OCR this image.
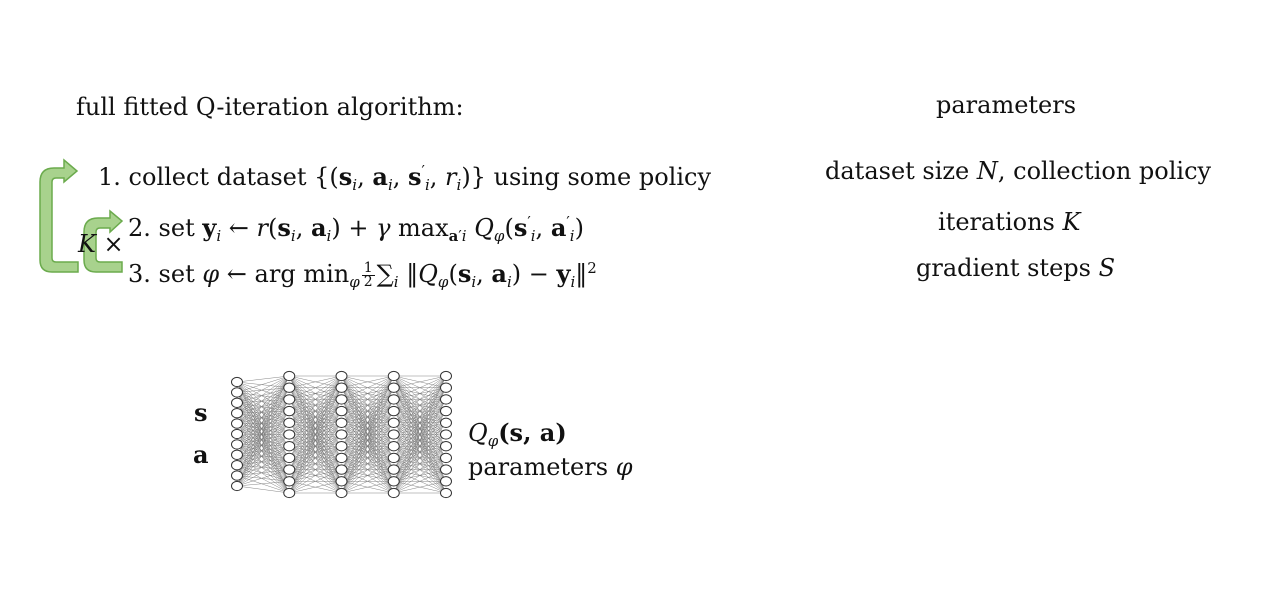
full fitted Q-iteration algorithm:	parameters
K ×
1. collect dataset {($s_i$, $a_i$, $s'_i$, $r_i$)} using some policy
2. set $y_i$ ← $r(s_i$, $a_i) + \gamma$ $\max_{a'i} Q_\varphi(s'_i$, $a'_i$)
3. set φ ← arg $\min_\varphi \frac{1}{2} \sum_i$ $‖Q_\varphi(s_i$, $a_i$) − $y_i‖^2$
dataset size N, collection policy
iterations K
gradient steps S
s
a
$Q_\varphi(s$, a)
parameters φ
